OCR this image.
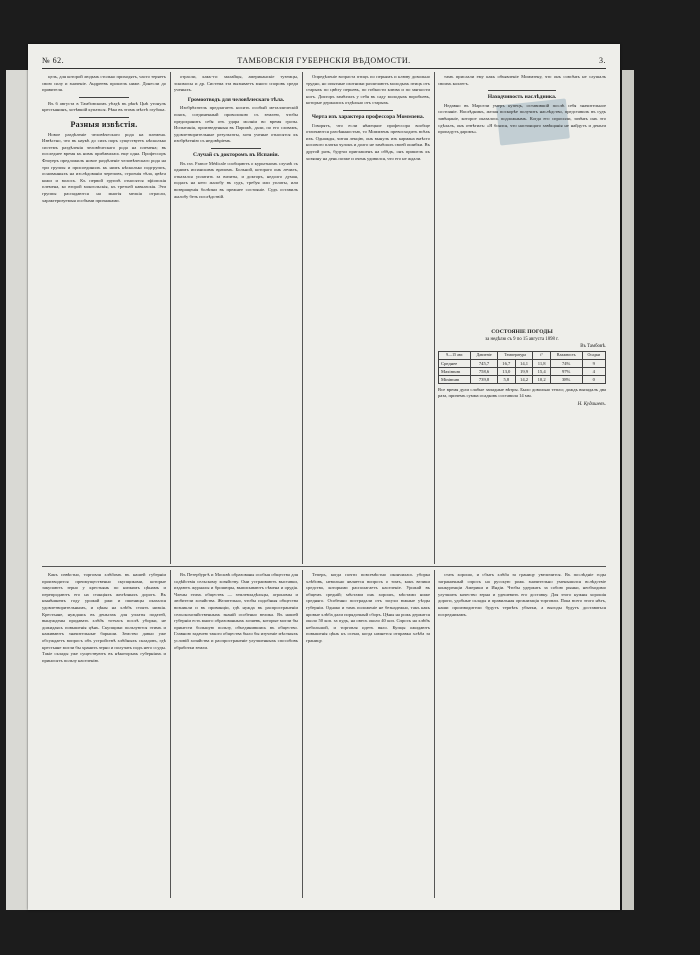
№ 62.	ТАМБОВСКІЯ ГУБЕРНСКІЯ ВѢДОМОСТИ.	3.

цель, для которой людьмъ столько приходятъ, часто теряетъ свою силу и значеніе. Андреевъ прошелъ ниже. Донесли до правителя.

Въ 6 августа в Тамбовскомъ уѣздѣ въ рѣкѣ Цнѣ утонулъ крестьянинъ, хотѣвшій купаться. Рѣка въ этомъ мѣстѣ глубока.

Разныя извѣстія.

Новое раздѣленіе человѣческаго рода на племена. Извѣстно, что въ наукѣ до сихъ поръ существуетъ нѣсколько системъ раздѣленія человѣческаго рода на племена; въ последнее время къ нимъ прибавилась еще одна. Профессоръ Флоуеръ предложилъ новое раздѣленіе человѣческаго рода на три группы и присоединилъ къ нимъ нѣсколько подгруппъ, основанныхъ на изслѣдованіи череповъ, строенія тѣла, цвѣта кожи и волосъ. Къ первой группѣ относятся эфіопскія племена, ко второй монгольскія, къ третьей кавказскія. Эти группы распадаются на многія мелкія отрасли, характеризуемыя особыми признаками.

отрасли, какъ-то: малайцы, американскіе туземцы, эскимосы и др. Система эта вызываетъ много споровъ среди ученыхъ.

Громоотводъ для человѣческаго тѣла.

Изобрѣтатель предлагаетъ носить особый металлическій поясъ, соединенный проволокою съ землею, чтобы предохранить себя отъ удара молніи во время грозы. Испытанія, произведенныя въ Парижѣ, дали, по его словамъ, удовлетворительные результаты, хотя ученые относятся къ изобрѣтенію съ недовѣріемъ.

Случай съ докторомъ въ Испаніи.

Въ газ. France Médicale сообщаютъ о курьезномъ случаѣ съ однимъ испанскимъ врачомъ. Больной, котораго онъ лечилъ, отказался уплатить за визиты, и докторъ, недолго думая, подалъ на него жалобу въ судъ, требуя или уплаты, или возвращенія болѣзни въ прежнее состояніе. Судъ оставилъ жалобу безъ послѣдствій.

Опредѣленіе возраста птицъ по перьямъ и клюву довольно трудно, но опытные охотники различаютъ молодыхъ птицъ отъ старыхъ по цвѣту перьевъ, по гибкости клюва и по мягкости ногъ. Докторъ замѣтилъ у себя въ саду молодыхъ воробьевъ, которые держались отдѣльно отъ старыхъ.

Черта изъ характера профессора Моммзена.

Говорятъ, что если нѣмецкие профессора вообще отличаются разсѣянностью, то Моммзенъ превосходитъ всѣхъ ихъ. Однажды, читая лекцію, онъ вынулъ изъ кармана вмѣсто носового платка чулокъ и долго не замѣчалъ своей ошибки. Въ другой разъ, будучи приглашенъ на обѣдъ, онъ пришелъ къ хозяину на день позже и очень удивился, что его не ждали.

тамъ прислали ему какъ объявленіе Моммзену, что онъ совсѣмъ не слушалъ своихъ коллегъ.

Находчивость наслѣдника.

Недавно въ Марсели умеръ купецъ, оставившій послѣ себя значительное состояніе. Наслѣдникъ, желая поскорѣе получить наслѣдство, представилъ въ судъ завѣщаніе, которое оказалось подложнымъ. Когда его спросили, зачѣмъ онъ это сдѣлалъ, онъ отвѣтилъ: «Я боялся, что настоящаго завѣщанія не найдутъ и деньги пропадутъ даромъ».

СОСТОЯНІЕ ПОГОДЫ
за недѣлю съ 9 по 15 августа 1898 г.
Въ Тамбовѣ.
9—15 авг.	Давленіе	Температура		t°	Влажность	Осадки
Среднее	745,7	16,7	14,1	11,8	74%	9
Maximum	758,6	13,0	19,9	15,4	97%	4
Minimum	739,8	5,8	14,2	10,2	38%	0
Все время дули слабые западные вѣтры. Было довольно тепло; дождь выпадалъ два раза, причемъ сумма осадковъ составила 14 мм.
Н. Кудашевъ.

Какъ извѣстно, торговля хлѣбомъ въ нашей губерніи производится преимущественно скупщиками, которые закупаютъ зерно у крестьянъ по низкимъ цѣнамъ и перепродаютъ его на станціяхъ желѣзныхъ дорогъ. Въ нынѣшнемъ году урожай ржи и пшеницы оказался удовлетворительнымъ, и цѣны на хлѣбъ стоятъ низкія. Крестьяне, нуждаясь въ деньгахъ для уплаты податей, вынуждены продавать хлѣбъ тотчасъ послѣ уборки, не дожидаясь повышенія цѣнъ. Скупщики пользуются этимъ и наживаютъ значительные барыши. Земство давно уже обсуждаетъ вопросъ объ устройствѣ хлѣбныхъ складовъ, гдѣ крестьяне могли бы хранить зерно и получать подъ него ссуды. Такіе склады уже существуютъ въ нѣкоторыхъ губерніяхъ и приносятъ пользу населенію.

Въ Петербургѣ и Москвѣ образованы особыя общества для содѣйствія сельскому хозяйству. Они устраиваютъ выставки, издаютъ журналы и брошюры, выписываютъ сѣмена и орудія. Члены этихъ обществъ — землевладѣльцы, агрономы и любители хозяйства. Желательно, чтобы подобныя общества возникли и въ провинціи, гдѣ нужда въ распространеніи сельскохозяйственныхъ знаній особенно велика. Въ нашей губерніи есть много образованныхъ хозяевъ, которые могли бы принести большую пользу, объединившись въ общество. Главною задачею такого общества было бы изученіе мѣстныхъ условій хозяйства и распространеніе улучшенныхъ способовъ обработки земли.

Теперь, когда почти повсемѣстно окончилась уборка хлѣбовъ, невольно является вопросъ о томъ, какъ велики средства, которыми располагаетъ населеніе. Урожай въ общемъ средній; мѣстами онъ хорошъ, мѣстами ниже средняго. Особенно пострадали отъ засухи южные уѣзды губерніи. Однако и тамъ положеніе не безнадежно, такъ какъ яровые хлѣба дали порядочный сборъ. Цѣны на рожь держатся около 50 коп. за пудъ, на овесъ около 40 коп. Спросъ на хлѣбъ небольшой, и торговля идетъ вяло. Купцы ожидаютъ повышенія цѣнъ къ осени, когда начнется отправка хлѣба за границу.

стать хорошо, и сбытъ хлѣба за границу увеличится. Въ послѣдніе годы заграничный спросъ на русскую рожь значительно уменьшился вслѣдствіе конкуренціи Америки и Индіи. Чтобы удержать за собою рынки, необходимо улучшить качество зерна и удешевить его доставку. Для этого нужны хорошія дороги, удобные склады и правильная организація торговли. Пока всего этого нѣтъ, наши производители будутъ терпѣть убытки, а выгоды будутъ доставаться посредникамъ.
